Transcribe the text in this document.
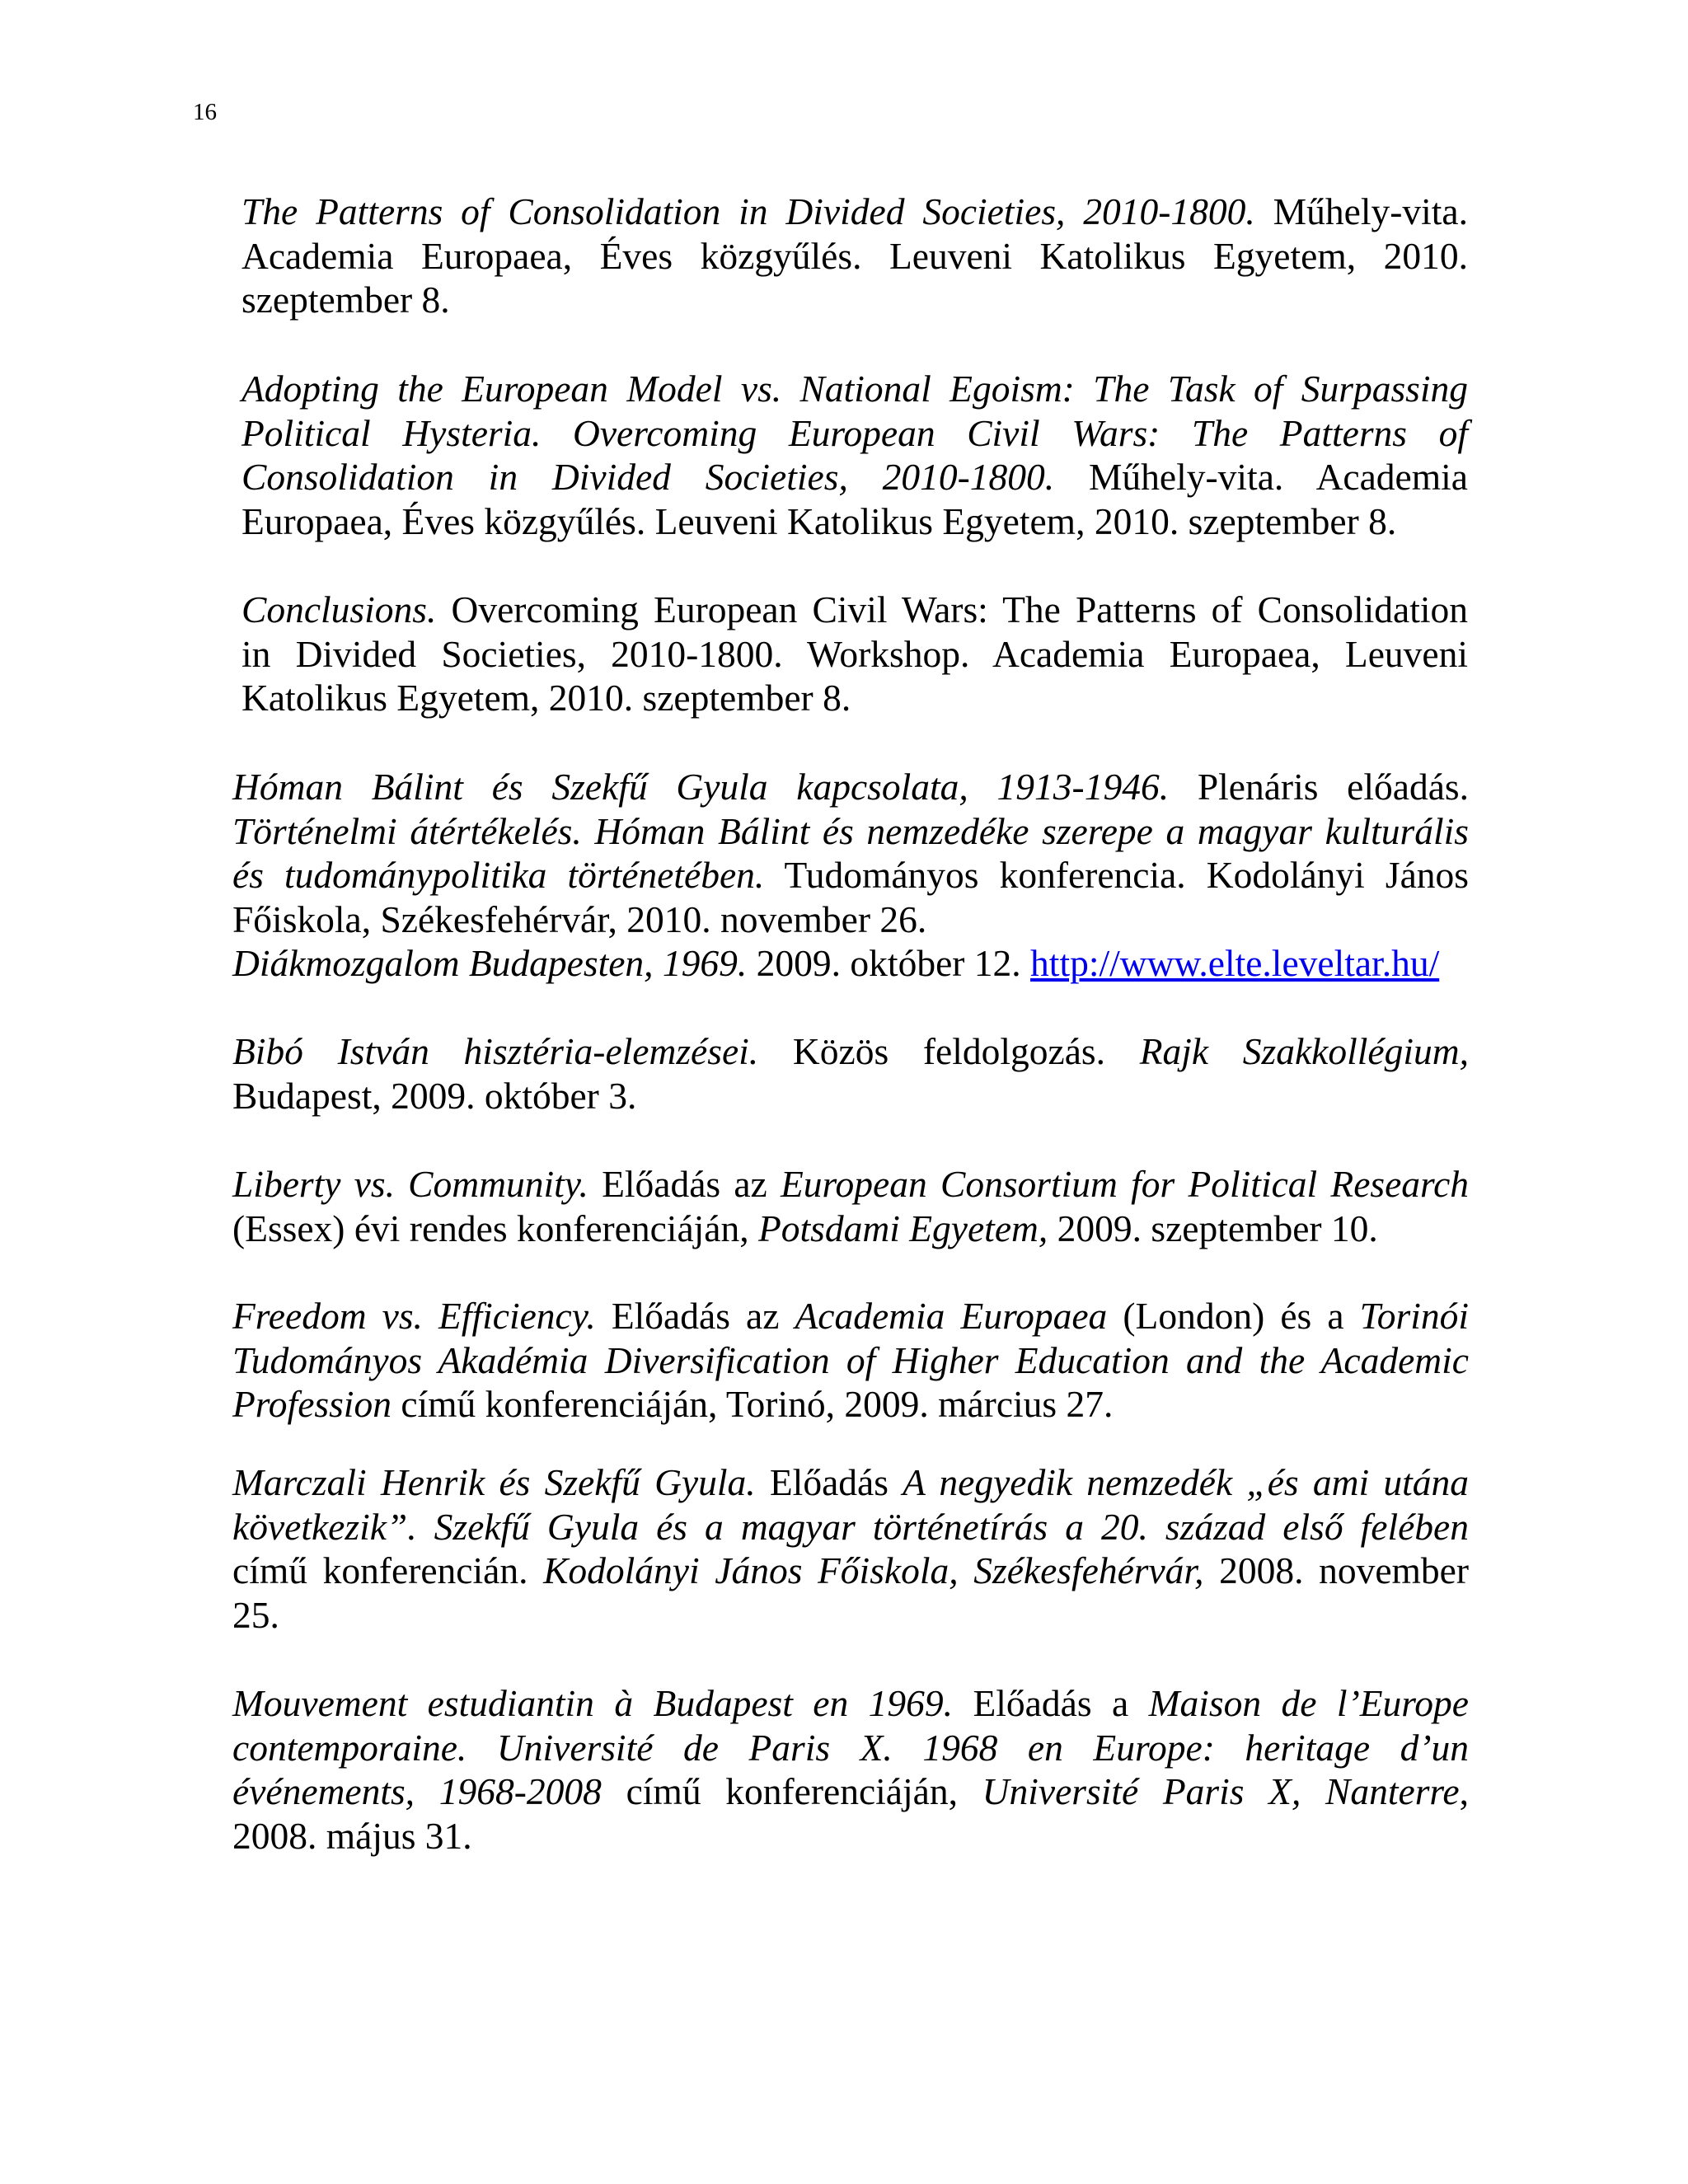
16
The Patterns of Consolidation in Divided Societies, 2010-1800. Műhely-vita.
Academia Europaea, Éves közgyűlés. Leuveni Katolikus Egyetem, 2010.
szeptember 8.
Adopting the European Model vs. National Egoism: The Task of Surpassing
Political Hysteria. Overcoming European Civil Wars: The Patterns of
Consolidation in Divided Societies, 2010-1800. Műhely-vita. Academia
Europaea, Éves közgyűlés. Leuveni Katolikus Egyetem, 2010. szeptember 8.
Conclusions. Overcoming European Civil Wars: The Patterns of Consolidation
in Divided Societies, 2010-1800. Workshop. Academia Europaea, Leuveni
Katolikus Egyetem, 2010. szeptember 8.
Hóman Bálint és Szekfű Gyula kapcsolata, 1913-1946. Plenáris előadás.
Történelmi átértékelés. Hóman Bálint és nemzedéke szerepe a magyar kulturális
és tudománypolitika történetében. Tudományos konferencia. Kodolányi János
Főiskola, Székesfehérvár, 2010. november 26.
Diákmozgalom Budapesten, 1969. 2009. október 12. http://www.elte.leveltar.hu/
Bibó István hisztéria-elemzései. Közös feldolgozás. Rajk Szakkollégium,
Budapest, 2009. október 3.
Liberty vs. Community. Előadás az European Consortium for Political Research
(Essex) évi rendes konferenciáján, Potsdami Egyetem, 2009. szeptember 10.
Freedom vs. Efficiency. Előadás az Academia Europaea (London) és a Torinói
Tudományos Akadémia Diversification of Higher Education and the Academic
Profession című konferenciáján, Torinó, 2009. március 27.
Marczali Henrik és Szekfű Gyula. Előadás A negyedik nemzedék „és ami utána
következik”. Szekfű Gyula és a magyar történetírás a 20. század első felében
című konferencián. Kodolányi János Főiskola, Székesfehérvár, 2008. november
25.
Mouvement estudiantin à Budapest en 1969. Előadás a Maison de l’Europe
contemporaine. Université de Paris X. 1968 en Europe: heritage d’un
événements, 1968-2008 című konferenciáján, Université Paris X, Nanterre,
2008. május 31.
